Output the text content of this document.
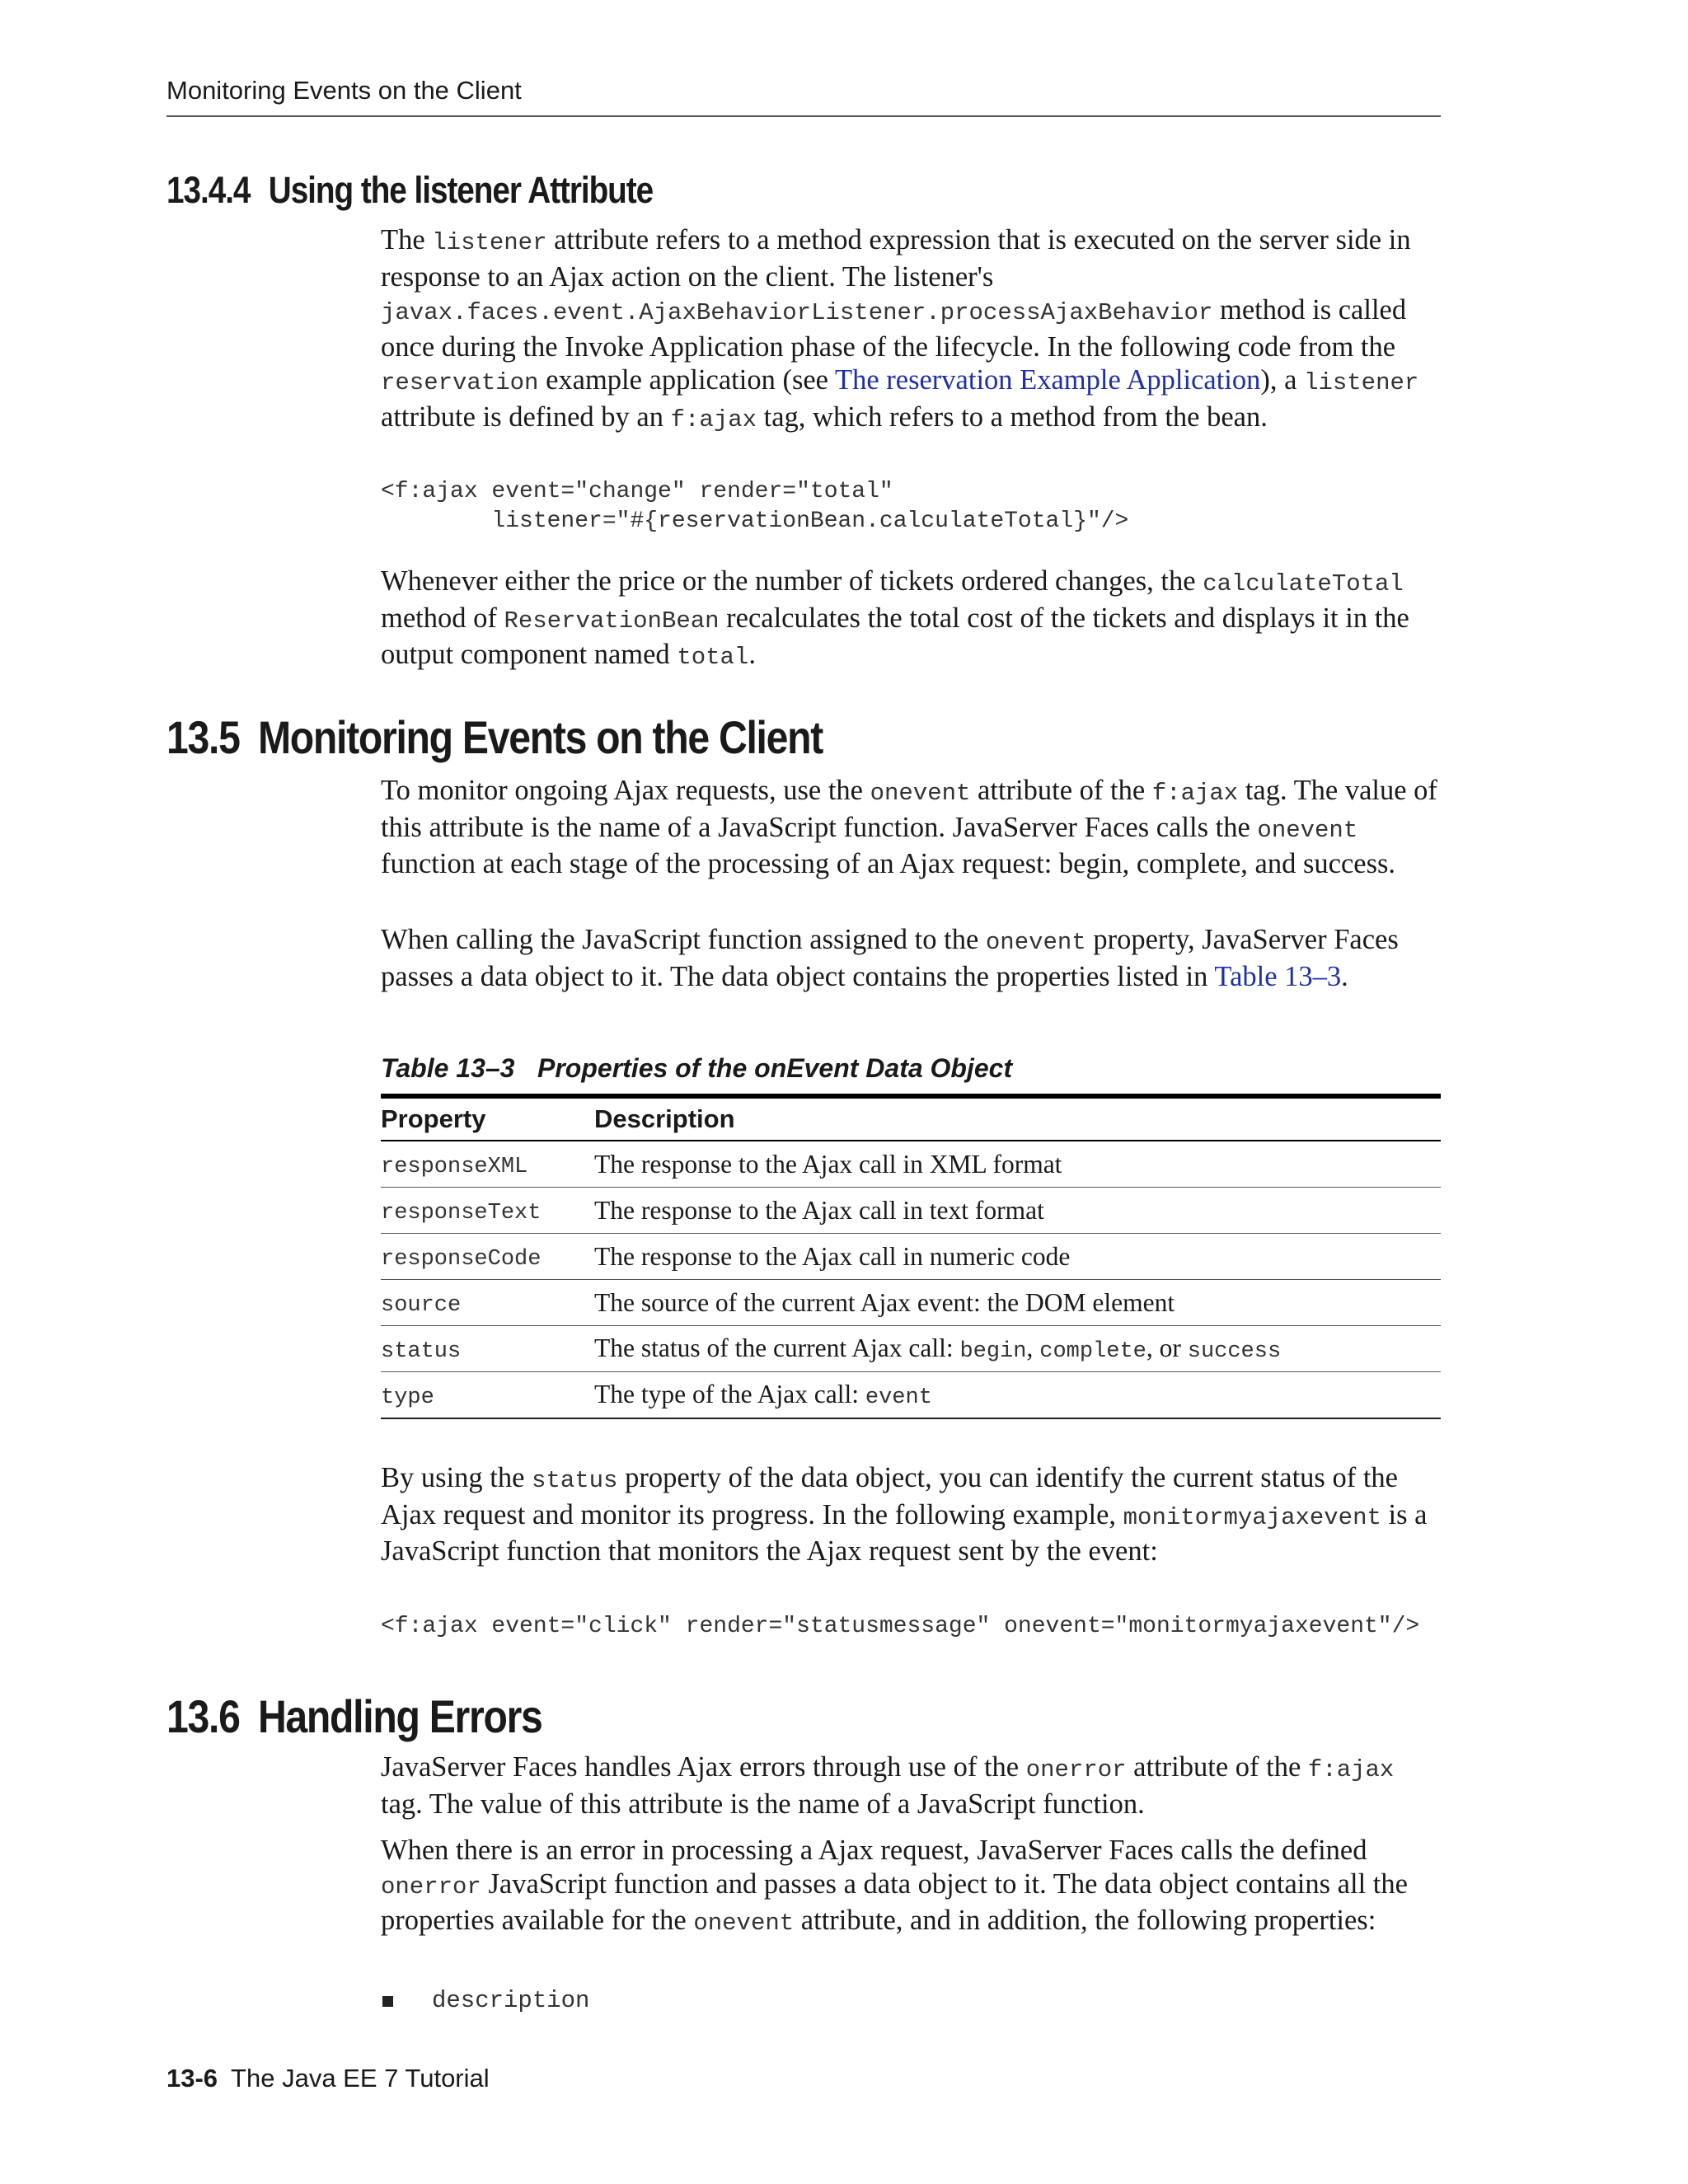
Monitoring Events on the Client
13.4.4 Using the listener Attribute

The listener attribute refers to a method expression that is executed on the server side in response to an Ajax action on the client. The listener's javax.faces.event.AjaxBehaviorListener.processAjaxBehavior method is called once during the Invoke Application phase of the lifecycle. In the following code from the reservation example application (see The reservation Example Application), a listener attribute is defined by an f:ajax tag, which refers to a method from the bean.

<f:ajax event="change" render="total"
listener="#{reservationBean.calculateTotal}"/>

Whenever either the price or the number of tickets ordered changes, the calculateTotal method of ReservationBean recalculates the total cost of the tickets and displays it in the output component named total.

13.5 Monitoring Events on the Client

To monitor ongoing Ajax requests, use the onevent attribute of the f:ajax tag. The value of this attribute is the name of a JavaScript function. JavaServer Faces calls the onevent function at each stage of the processing of an Ajax request: begin, complete, and success.

When calling the JavaScript function assigned to the onevent property, JavaServer Faces passes a data object to it. The data object contains the properties listed in Table 13–3.

Table 13–3 Properties of the onEvent Data Object
Property	Description
responseXML	The response to the Ajax call in XML format
responseText	The response to the Ajax call in text format
responseCode	The response to the Ajax call in numeric code
source	The source of the current Ajax event: the DOM element
status	The status of the current Ajax call: begin, complete, or success
type	The type of the Ajax call: event

By using the status property of the data object, you can identify the current status of the Ajax request and monitor its progress. In the following example, monitormyajaxevent is a JavaScript function that monitors the Ajax request sent by the event:

<f:ajax event="click" render="statusmessage" onevent="monitormyajaxevent"/>
13.6 Handling Errors

JavaServer Faces handles Ajax errors through use of the onerror attribute of the f:ajax tag. The value of this attribute is the name of a JavaScript function.

When there is an error in processing a Ajax request, JavaServer Faces calls the defined onerror JavaScript function and passes a data object to it. The data object contains all the properties available for the onevent attribute, and in addition, the following properties:

description
13-6 The Java EE 7 Tutorial
